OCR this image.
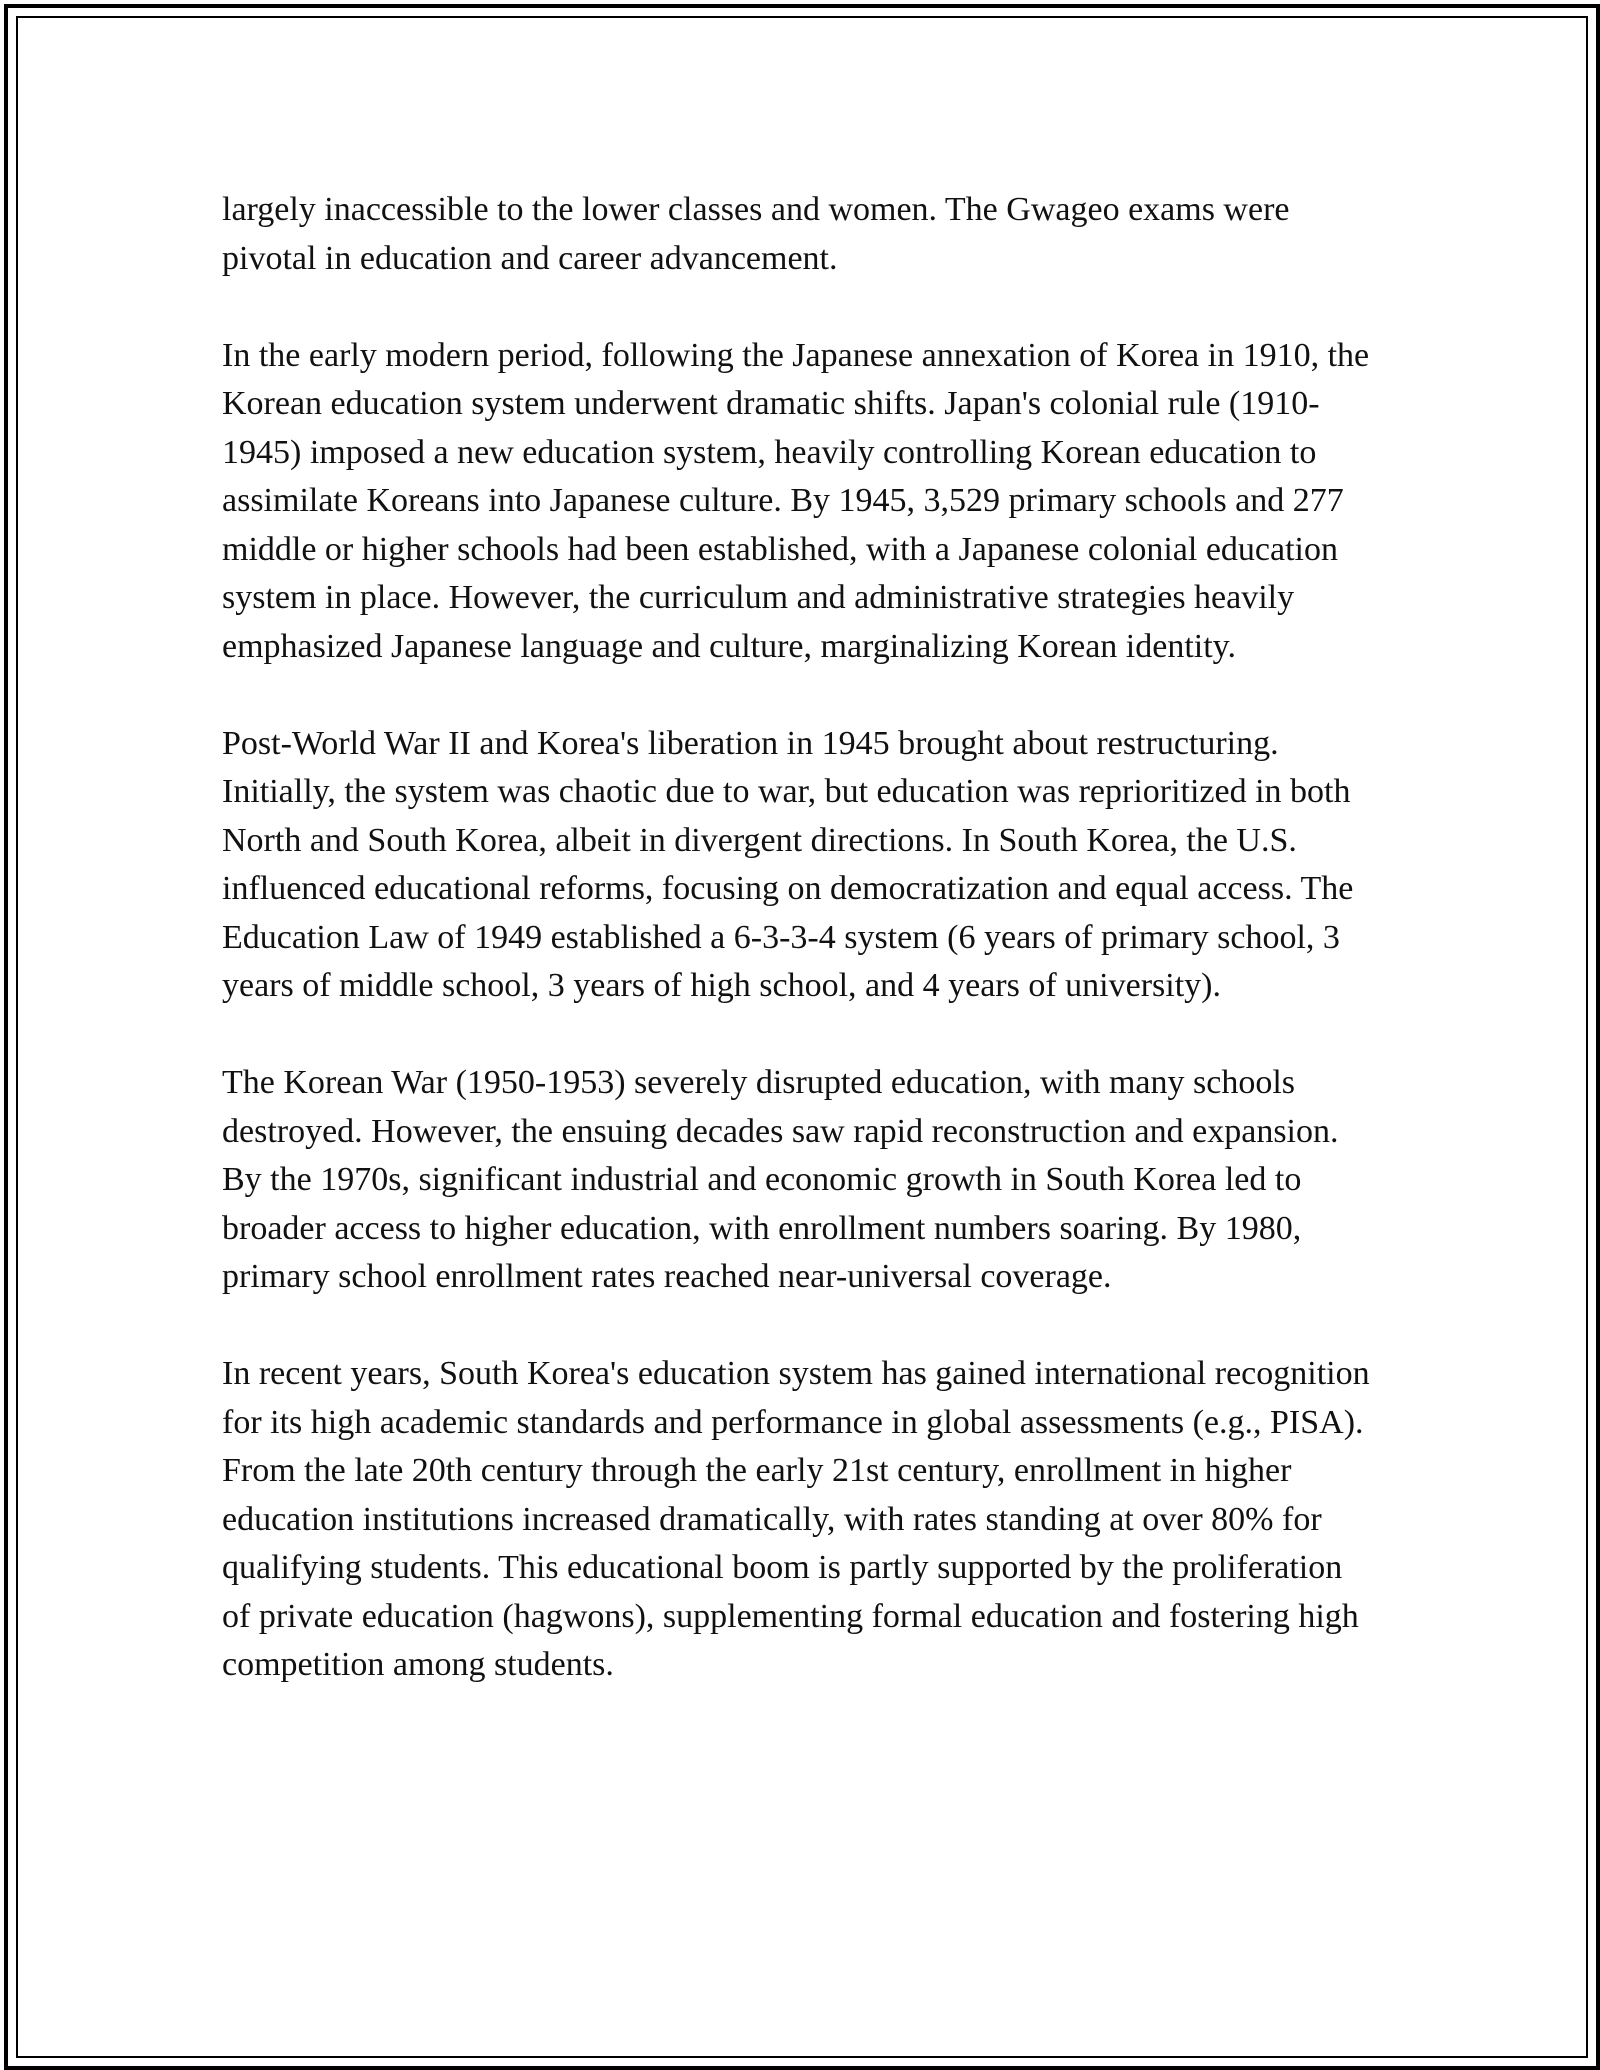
largely inaccessible to the lower classes and women. The Gwageo exams were pivotal in education and career advancement.

In the early modern period, following the Japanese annexation of Korea in 1910, the Korean education system underwent dramatic shifts. Japan's colonial rule (1910-1945) imposed a new education system, heavily controlling Korean education to assimilate Koreans into Japanese culture. By 1945, 3,529 primary schools and 277 middle or higher schools had been established, with a Japanese colonial education system in place. However, the curriculum and administrative strategies heavily emphasized Japanese language and culture, marginalizing Korean identity.

Post-World War II and Korea's liberation in 1945 brought about restructuring. Initially, the system was chaotic due to war, but education was reprioritized in both North and South Korea, albeit in divergent directions. In South Korea, the U.S. influenced educational reforms, focusing on democratization and equal access. The Education Law of 1949 established a 6-3-3-4 system (6 years of primary school, 3 years of middle school, 3 years of high school, and 4 years of university).

The Korean War (1950-1953) severely disrupted education, with many schools destroyed. However, the ensuing decades saw rapid reconstruction and expansion. By the 1970s, significant industrial and economic growth in South Korea led to broader access to higher education, with enrollment numbers soaring. By 1980, primary school enrollment rates reached near-universal coverage.

In recent years, South Korea's education system has gained international recognition for its high academic standards and performance in global assessments (e.g., PISA). From the late 20th century through the early 21st century, enrollment in higher education institutions increased dramatically, with rates standing at over 80% for qualifying students. This educational boom is partly supported by the proliferation of private education (hagwons), supplementing formal education and fostering high competition among students.
